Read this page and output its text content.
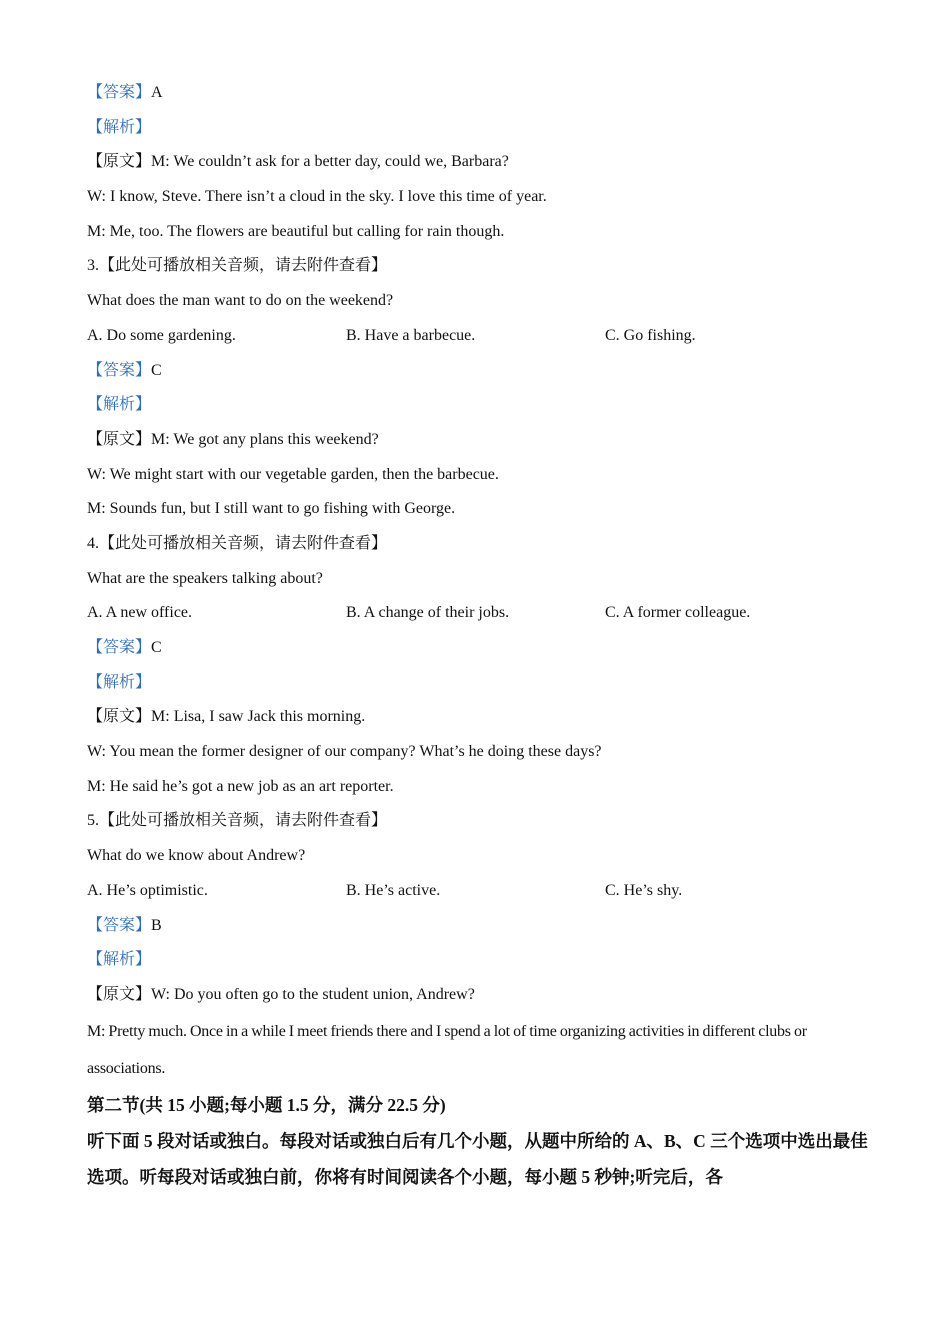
【答案】A
【解析】
【原文】M: We couldn’t ask for a better day, could we, Barbara?
W: I know, Steve. There isn’t a cloud in the sky. I love this time of year.
M: Me, too. The flowers are beautiful but calling for rain though.
3.【此处可播放相关音频，请去附件查看】
What does the man want to do on the weekend?
A. Do some gardening.	B. Have a barbecue.	C. Go fishing.
【答案】C
【解析】
【原文】M: We got any plans this weekend?
W: We might start with our vegetable garden, then the barbecue.
M: Sounds fun, but I still want to go fishing with George.
4.【此处可播放相关音频，请去附件查看】
What are the speakers talking about?
A. A new office.	B. A change of their jobs.	C. A former colleague.
【答案】C
【解析】
【原文】M: Lisa, I saw Jack this morning.
W: You mean the former designer of our company? What’s he doing these days?
M: He said he’s got a new job as an art reporter.
5.【此处可播放相关音频，请去附件查看】
What do we know about Andrew?
A. He’s optimistic.	B. He’s active.	C. He’s shy.
【答案】B
【解析】
【原文】W: Do you often go to the student union, Andrew?
M: Pretty much. Once in a while I meet friends there and I spend a lot of time organizing activities in different clubs or associations.
第二节(共 15 小题;每小题 1.5 分，满分 22.5 分)
听下面 5 段对话或独白。每段对话或独白后有几个小题，从题中所给的 A、B、C 三个选项中选出最佳选项。听每段对话或独白前，你将有时间阅读各个小题，每小题 5 秒钟;听完后，各
